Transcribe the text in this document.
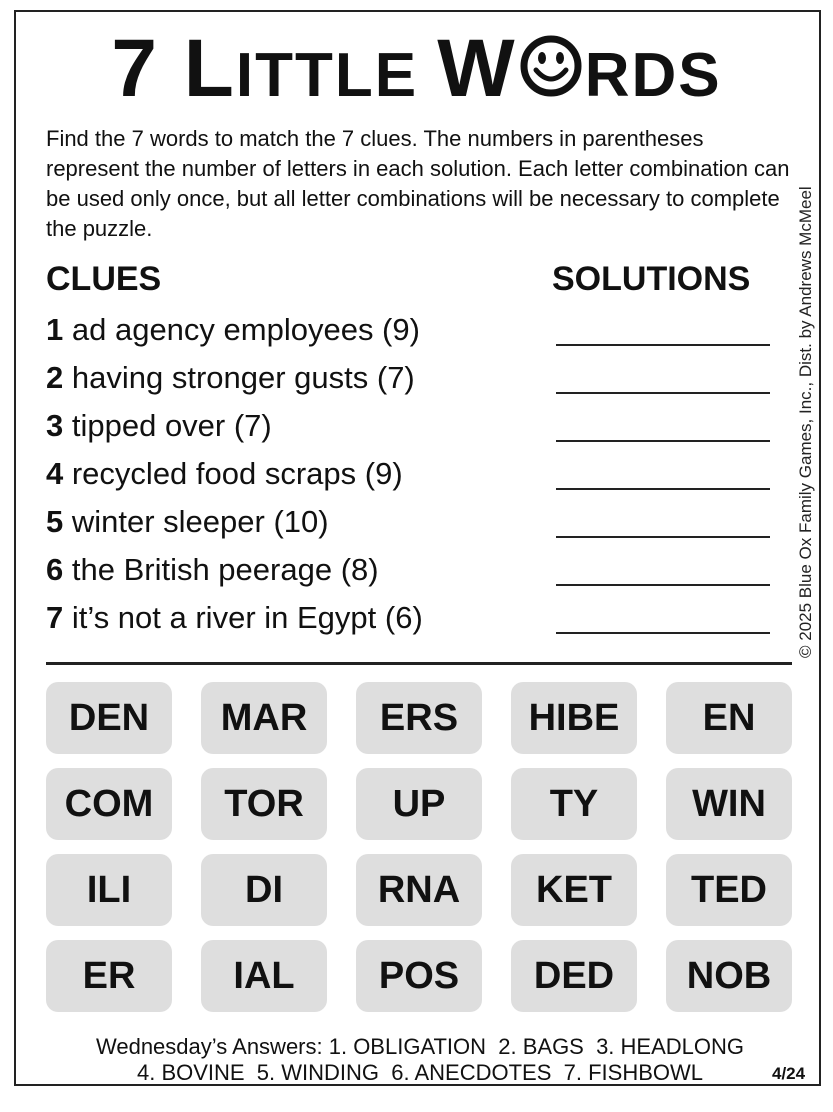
7 LITTLE W RDS
Find the 7 words to match the 7 clues. The numbers in parentheses represent the number of letters in each solution. Each letter combination can be used only once, but all letter combinations will be necessary to complete the puzzle.
CLUES	SOLUTIONS
1 ad agency employees (9)
2 having stronger gusts (7)
3 tipped over (7)
4 recycled food scraps (9)
5 winter sleeper (10)
6 the British peerage (8)
7 it’s not a river in Egypt (6)	© 2025 Blue Ox Family Games, Inc., Dist. by Andrews McMeel
DEN	MAR	ERS	HIBE	EN
COM	TOR	UP	TY	WIN
ILI	DI	RNA	KET	TED
ER	IAL	POS	DED	NOB
Wednesday’s Answers: 1. OBLIGATION  2. BAGS  3. HEADLONG
4. BOVINE  5. WINDING  6. ANECDOTES  7. FISHBOWL	4/24
